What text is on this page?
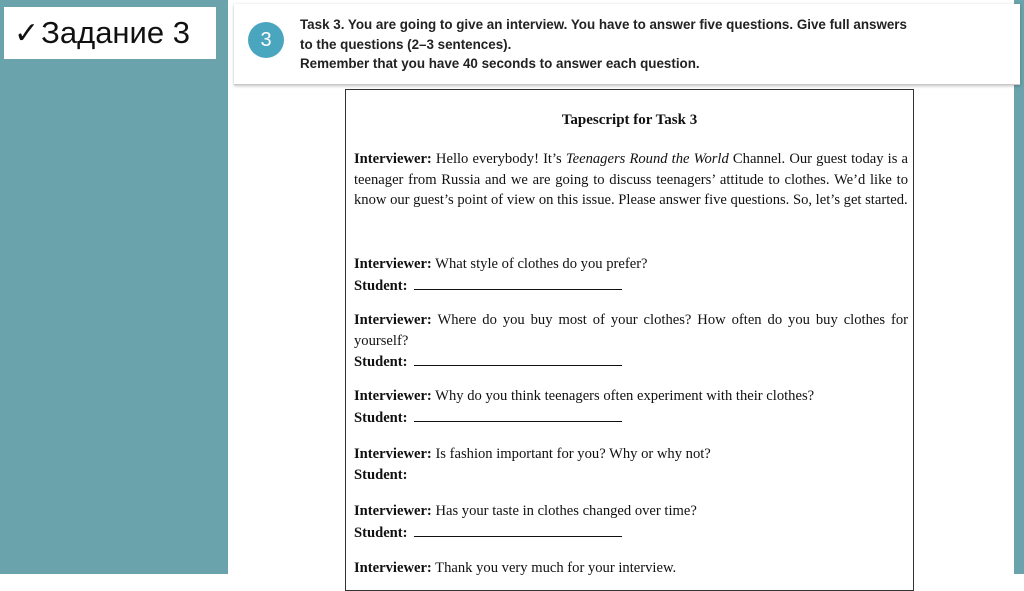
✓ Задание 3	3
Task 3. You are going to give an interview. You have to answer five questions. Give full answers
to the questions (2–3 sentences).
Remember that you have 40 seconds to answer each question.
Tapescript for Task 3
Interviewer: Hello everybody! It’s Teenagers Round the World Channel. Our guest today is a teenager from Russia and we are going to discuss teenagers’ attitude to clothes. We’d like to know our guest’s point of view on this issue. Please answer five questions. So, let’s get started.
Interviewer: What style of clothes do you prefer?
Student:
Interviewer: Where do you buy most of your clothes? How often do you buy clothes for yourself?
Student:
Interviewer: Why do you think teenagers often experiment with their clothes?
Student:
Interviewer: Is fashion important for you? Why or why not?
Student:
Interviewer: Has your taste in clothes changed over time?
Student:
Interviewer: Thank you very much for your interview.
